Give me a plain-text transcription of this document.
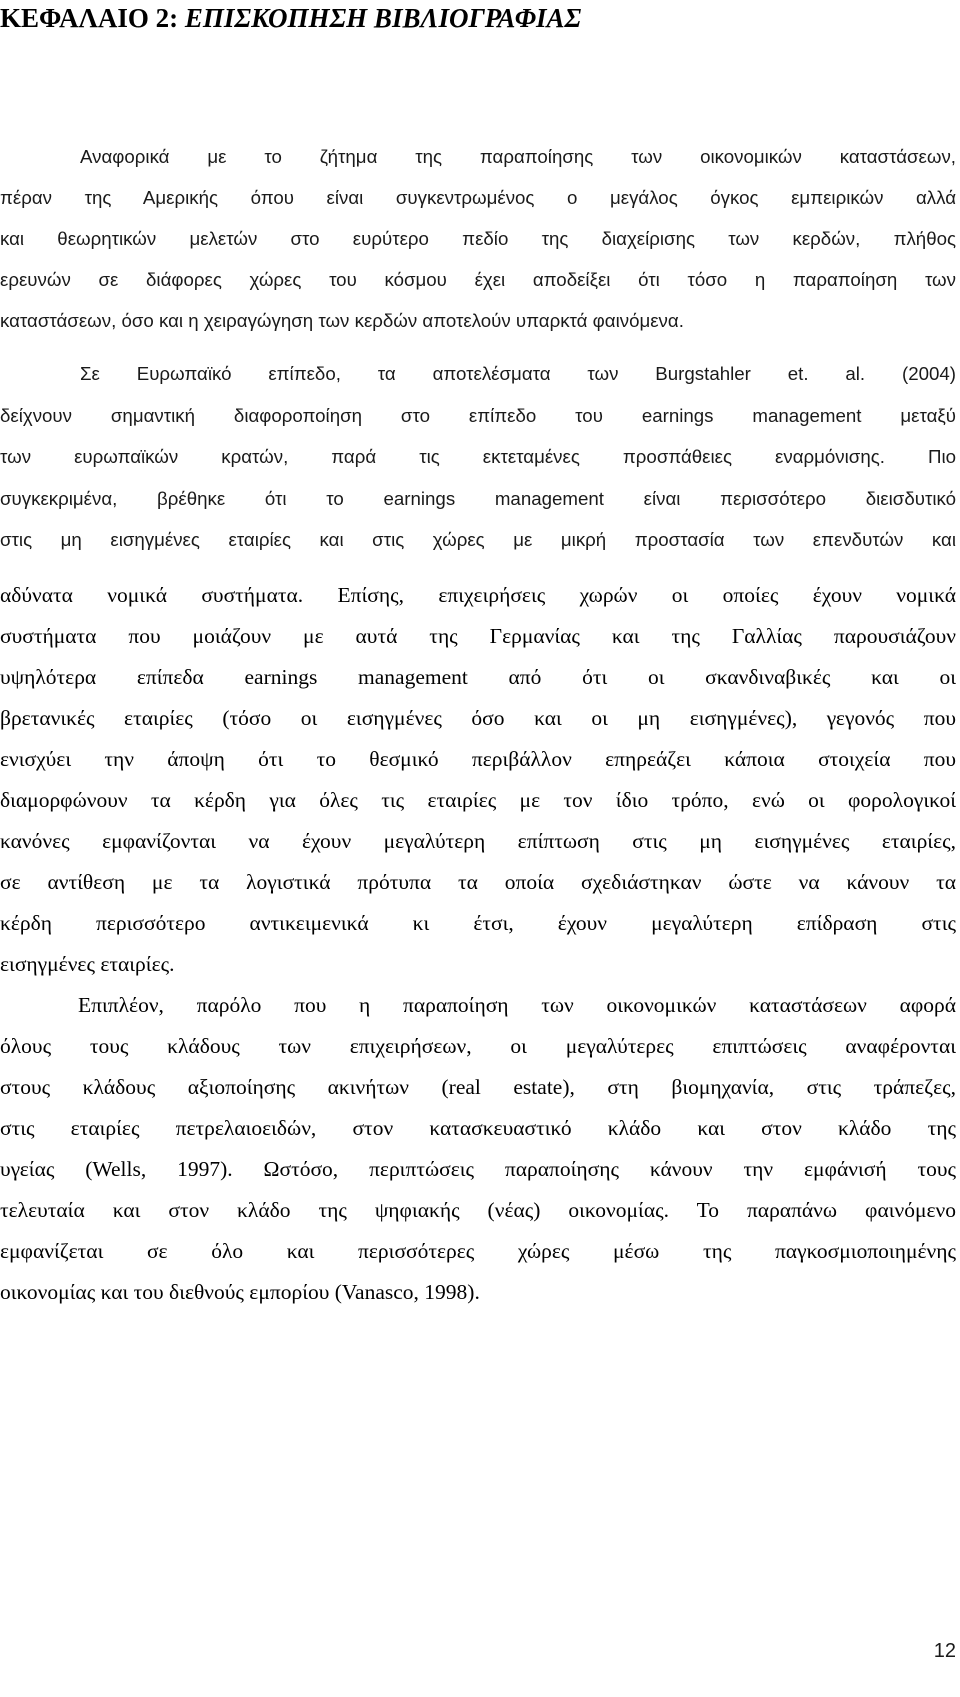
ΚΕΦΑΛΑΙΟ 2: ΕΠΙΣΚΟΠΗΣΗ ΒΙΒΛΙΟΓΡΑΦΙΑΣ
Αναφορικά με το ζήτημα της παραποίησης των οικονομικών καταστάσεων,
πέραν της Αμερικής όπου είναι συγκεντρωμένος ο μεγάλος όγκος εμπειρικών αλλά
και θεωρητικών μελετών στο ευρύτερο πεδίο της διαχείρισης των κερδών, πλήθος
ερευνών σε διάφορες χώρες του κόσμου έχει αποδείξει ότι τόσο η παραποίηση των
καταστάσεων, όσο και η χειραγώγηση των κερδών αποτελούν υπαρκτά φαινόμενα.
Σε Ευρωπαϊκό επίπεδο, τα αποτελέσματα των Burgstahler et. al. (2004)
δείχνουν σημαντική διαφοροποίηση στο επίπεδο του earnings management μεταξύ
των ευρωπαϊκών κρατών, παρά τις εκτεταμένες προσπάθειες εναρμόνισης. Πιο
συγκεκριμένα, βρέθηκε ότι το earnings management είναι περισσότερο διεισδυτικό
στις μη εισηγμένες εταιρίες και στις χώρες με μικρή προστασία των επενδυτών και
αδύνατα νομικά συστήματα. Επίσης, επιχειρήσεις χωρών οι οποίες έχουν νομικά
συστήματα που μοιάζουν με αυτά της Γερμανίας και της Γαλλίας παρουσιάζουν
υψηλότερα επίπεδα earnings management από ότι οι σκανδιναβικές και οι
βρετανικές εταιρίες (τόσο οι εισηγμένες όσο και οι μη εισηγμένες), γεγονός που
ενισχύει την άποψη ότι το θεσμικό περιβάλλον επηρεάζει κάποια στοιχεία που
διαμορφώνουν τα κέρδη για όλες τις εταιρίες με τον ίδιο τρόπο, ενώ οι φορολογικοί
κανόνες εμφανίζονται να έχουν μεγαλύτερη επίπτωση στις μη εισηγμένες εταιρίες,
σε αντίθεση με τα λογιστικά πρότυπα τα οποία σχεδιάστηκαν ώστε να κάνουν τα
κέρδη περισσότερο αντικειμενικά κι έτσι, έχουν μεγαλύτερη επίδραση στις
εισηγμένες εταιρίες.
Επιπλέον, παρόλο που η παραποίηση των οικονομικών καταστάσεων αφορά
όλους τους κλάδους των επιχειρήσεων, οι μεγαλύτερες επιπτώσεις αναφέρονται
στους κλάδους αξιοποίησης ακινήτων (real estate), στη βιομηχανία, στις τράπεζες,
στις εταιρίες πετρελαιοειδών, στον κατασκευαστικό κλάδο και στον κλάδο της
υγείας (Wells, 1997). Ωστόσο, περιπτώσεις παραποίησης κάνουν την εμφάνισή τους
τελευταία και στον κλάδο της ψηφιακής (νέας) οικονομίας. Το παραπάνω φαινόμενο
εμφανίζεται σε όλο και περισσότερες χώρες μέσω της παγκοσμιοποιημένης
οικονομίας και του διεθνούς εμπορίου (Vanasco, 1998).
12
